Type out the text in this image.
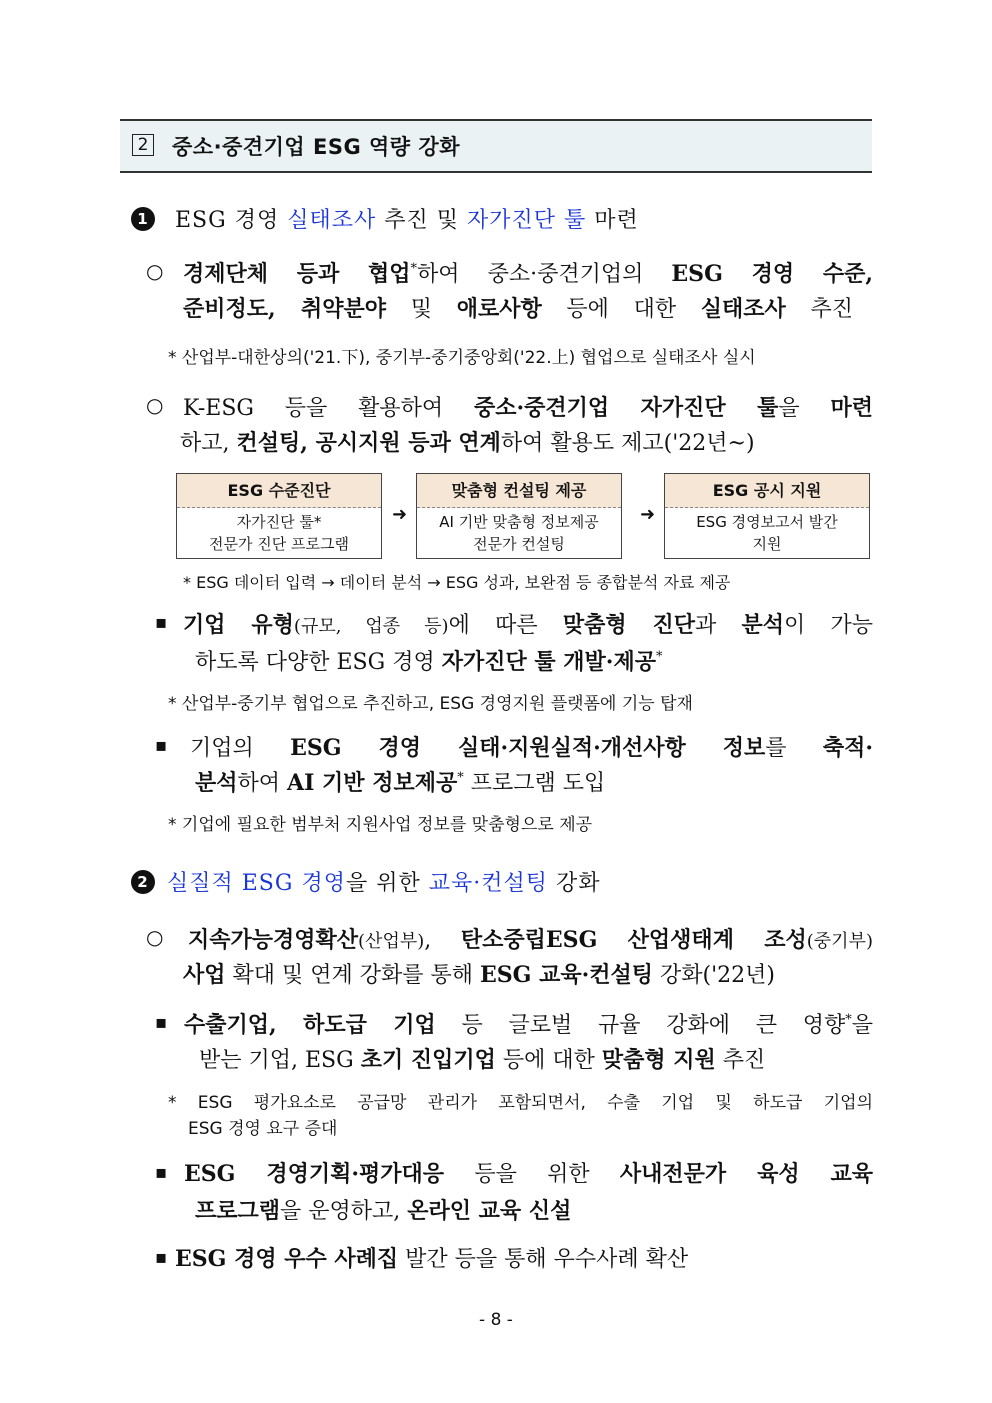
2 중소·중견기업 ESG 역량 강화
1 ESG 경영 실태조사 추진 및 자가진단 툴 마련
○ 경제단체 등과 협업*하여 중소·중견기업의 ESG 경영 수준,
준비정도, 취약분야 및 애로사항 등에 대한 실태조사 추진
* 산업부-대한상의('21.下), 중기부-중기중앙회('22.上) 협업으로 실태조사 실시
○ K-ESG 등을 활용하여 중소·중견기업 자가진단 툴을 마련
하고, 컨설팅, 공시지원 등과 연계하여 활용도 제고('22년~)
ESG 수준진단
자가진단 툴*
전문가 진단 프로그램
➜
맞춤형 컨설팅 제공
AI 기반 맞춤형 정보제공
전문가 컨설팅
➜
ESG 공시 지원
ESG 경영보고서 발간
지원
* ESG 데이터 입력 → 데이터 분석 → ESG 성과, 보완점 등 종합분석 자료 제공
▪ 기업 유형(규모, 업종 등)에 따른 맞춤형 진단과 분석이 가능
하도록 다양한 ESG 경영 자가진단 툴 개발·제공*
* 산업부-중기부 협업으로 추진하고, ESG 경영지원 플랫폼에 기능 탑재
▪ 기업의 ESG 경영 실태·지원실적·개선사항 정보를 축적·
분석하여 AI 기반 정보제공* 프로그램 도입
* 기업에 필요한 범부처 지원사업 정보를 맞춤형으로 제공
2 실질적 ESG 경영을 위한 교육·컨설팅 강화
○ 지속가능경영확산(산업부), 탄소중립ESG 산업생태계 조성(중기부)
사업 확대 및 연계 강화를 통해 ESG 교육·컨설팅 강화('22년)
▪ 수출기업, 하도급 기업 등 글로벌 규율 강화에 큰 영향*을
받는 기업, ESG 초기 진입기업 등에 대한 맞춤형 지원 추진
* ESG 평가요소로 공급망 관리가 포함되면서, 수출 기업 및 하도급 기업의
ESG 경영 요구 증대
▪ ESG 경영기획·평가대응 등을 위한 사내전문가 육성 교육
프로그램을 운영하고, 온라인 교육 신설
▪ ESG 경영 우수 사례집 발간 등을 통해 우수사례 확산
- 8 -
